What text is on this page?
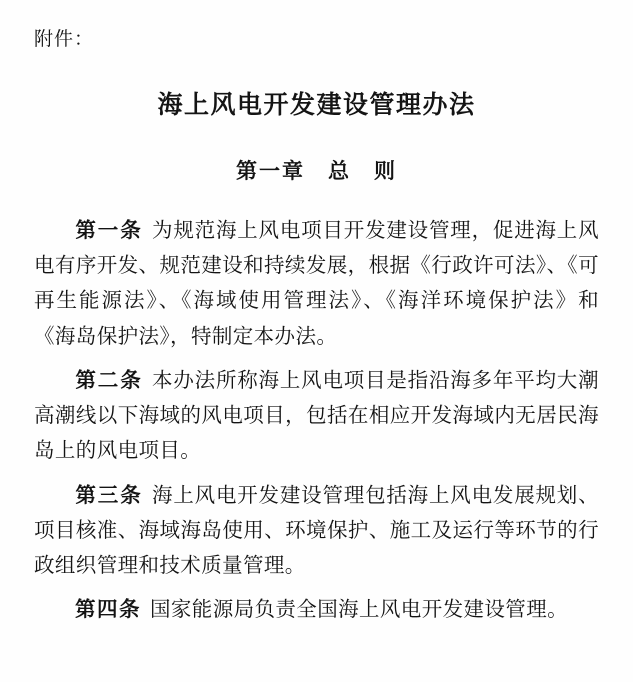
附件：

海上风电开发建设管理办法
第一章　总　则

第一条 为规范海上风电项目开发建设管理，促进海上风电有序开发、规范建设和持续发展，根据《行政许可法》、《可再生能源法》、《海域使用管理法》、《海洋环境保护法》和《海岛保护法》，特制定本办法。

第二条 本办法所称海上风电项目是指沿海多年平均大潮高潮线以下海域的风电项目，包括在相应开发海域内无居民海岛上的风电项目。

第三条 海上风电开发建设管理包括海上风电发展规划、项目核准、海域海岛使用、环境保护、施工及运行等环节的行政组织管理和技术质量管理。

第四条 国家能源局负责全国海上风电开发建设管理。
